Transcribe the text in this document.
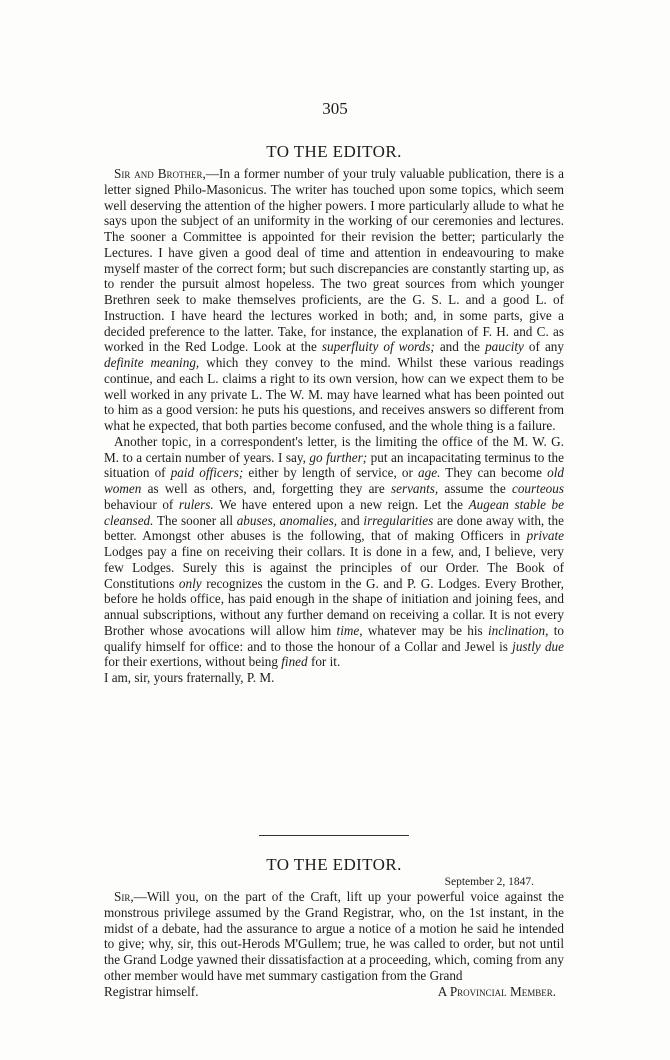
305
TO THE EDITOR.

Sir and Brother,—In a former number of your truly valuable publication, there is a letter signed Philo-Masonicus. The writer has touched upon some topics, which seem well deserving the attention of the higher powers. I more particularly allude to what he says upon the subject of an uniformity in the working of our ceremonies and lectures. The sooner a Committee is appointed for their revision the better; particularly the Lectures. I have given a good deal of time and attention in endeavouring to make myself master of the correct form; but such discrepancies are constantly starting up, as to render the pursuit almost hopeless. The two great sources from which younger Brethren seek to make themselves proficients, are the G. S. L. and a good L. of Instruction. I have heard the lectures worked in both; and, in some parts, give a decided preference to the latter. Take, for instance, the explanation of F. H. and C. as worked in the Red Lodge. Look at the superfluity of words; and the paucity of any definite meaning, which they convey to the mind. Whilst these various readings continue, and each L. claims a right to its own version, how can we expect them to be well worked in any private L. The W. M. may have learned what has been pointed out to him as a good version: he puts his questions, and receives answers so different from what he expected, that both parties become confused, and the whole thing is a failure.

Another topic, in a correspondent's letter, is the limiting the office of the M. W. G. M. to a certain number of years. I say, go further; put an incapacitating terminus to the situation of paid officers; either by length of service, or age. They can become old women as well as others, and, forgetting they are servants, assume the courteous behaviour of rulers. We have entered upon a new reign. Let the Augean stable be cleansed. The sooner all abuses, anomalies, and irregularities are done away with, the better. Amongst other abuses is the following, that of making Officers in private Lodges pay a fine on receiving their collars. It is done in a few, and, I believe, very few Lodges. Surely this is against the principles of our Order. The Book of Constitutions only recognizes the custom in the G. and P. G. Lodges. Every Brother, before he holds office, has paid enough in the shape of initiation and joining fees, and annual subscriptions, without any further demand on receiving a collar. It is not every Brother whose avocations will allow him time, whatever may be his inclination, to qualify himself for office: and to those the honour of a Collar and Jewel is justly due for their exertions, without being fined for it.

I am, sir, yours fraternally, P. M.
TO THE EDITOR.
September 2, 1847.

Sir,—Will you, on the part of the Craft, lift up your powerful voice against the monstrous privilege assumed by the Grand Registrar, who, on the 1st instant, in the midst of a debate, had the assurance to argue a notice of a motion he said he intended to give; why, sir, this out-Herods M'Gullem; true, he was called to order, but not until the Grand Lodge yawned their dissatisfaction at a proceeding, which, coming from any other member would have met summary castigation from the Grand

Registrar himself.	A Provincial Member.
